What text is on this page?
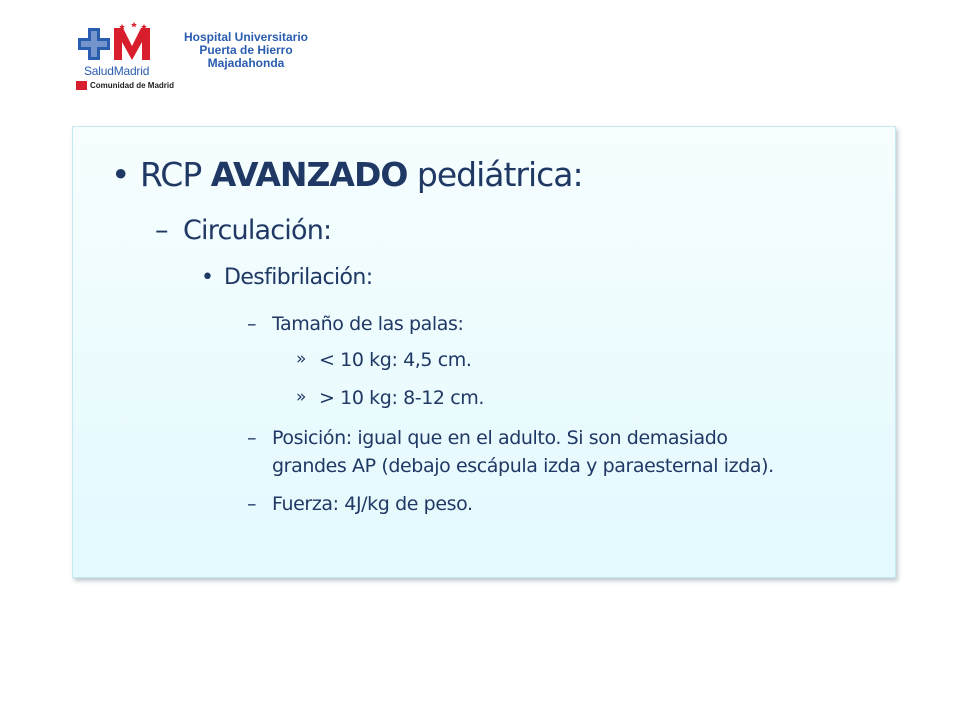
SaludMadrid
Hospital Universitario
Puerta de Hierro
Majadahonda
Comunidad de Madrid
• RCP AVANZADO pediátrica:
– Circulación:
• Desfibrilación:
– Tamaño de las palas:
» < 10 kg: 4,5 cm.
» > 10 kg: 8-12 cm.
– Posición: igual que en el adulto. Si son demasiado
grandes AP (debajo escápula izda y paraesternal izda).
– Fuerza: 4J/kg de peso.
